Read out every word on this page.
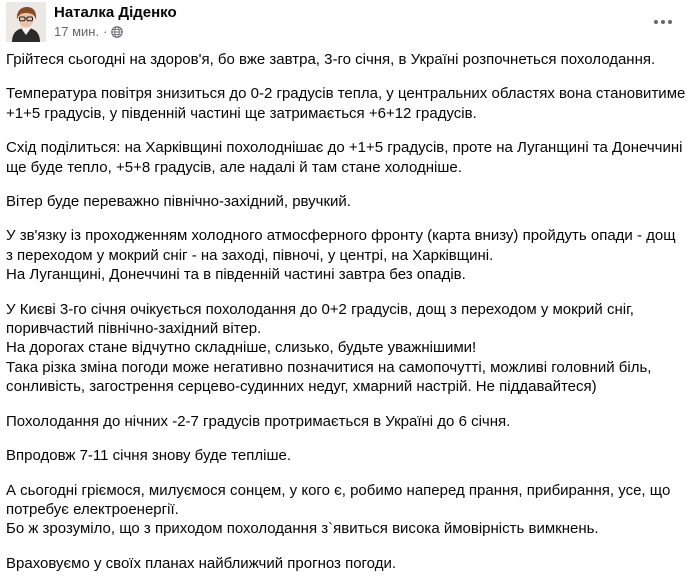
Наталка Діденко
17 мин. ·

Грійтеся сьогодні на здоров'я, бо вже завтра, 3-го січня, в Україні розпочнеться похолодання.

Температура повітря знизиться до 0-2 градусів тепла, у центральних областях вона становитиме
+1+5 градусів, у південній частині ще затримається +6+12 градусів.

Схід поділиться: на Харківщині похолоднішає до +1+5 градусів, проте на Луганщині та Донеччині
ще буде тепло, +5+8 градусів, але надалі й там стане холодніше.

Вітер буде переважно північно-західний, рвучкий.

У зв'язку із проходженням холодного атмосферного фронту (карта внизу) пройдуть опади - дощ
з переходом у мокрий сніг - на заході, півночі, у центрі, на Харківщині.
На Луганщині, Донеччині та в південній частині завтра без опадів.

У Києві 3-го січня очікується похолодання до 0+2 градусів, дощ з переходом у мокрий сніг,
поривчастий північно-західний вітер.
На дорогах стане відчутно складніше, слизько, будьте уважнішими!
Така різка зміна погоди може негативно позначитися на самопочутті, можливі головний біль,
сонливість, загострення серцево-судинних недуг, хмарний настрій. Не піддавайтеся)

Похолодання до нічних -2-7 градусів протримається в Україні до 6 січня.

Впродовж 7-11 січня знову буде тепліше.

А сьогодні гріємося, милуємося сонцем, у кого є, робимо наперед прання, прибирання, усе, що
потребує електроенергії.
Бо ж зрозуміло, що з приходом похолодання з`явиться висока ймовірність вимкнень.

Враховуємо у своїх планах найближчий прогноз погоди.
